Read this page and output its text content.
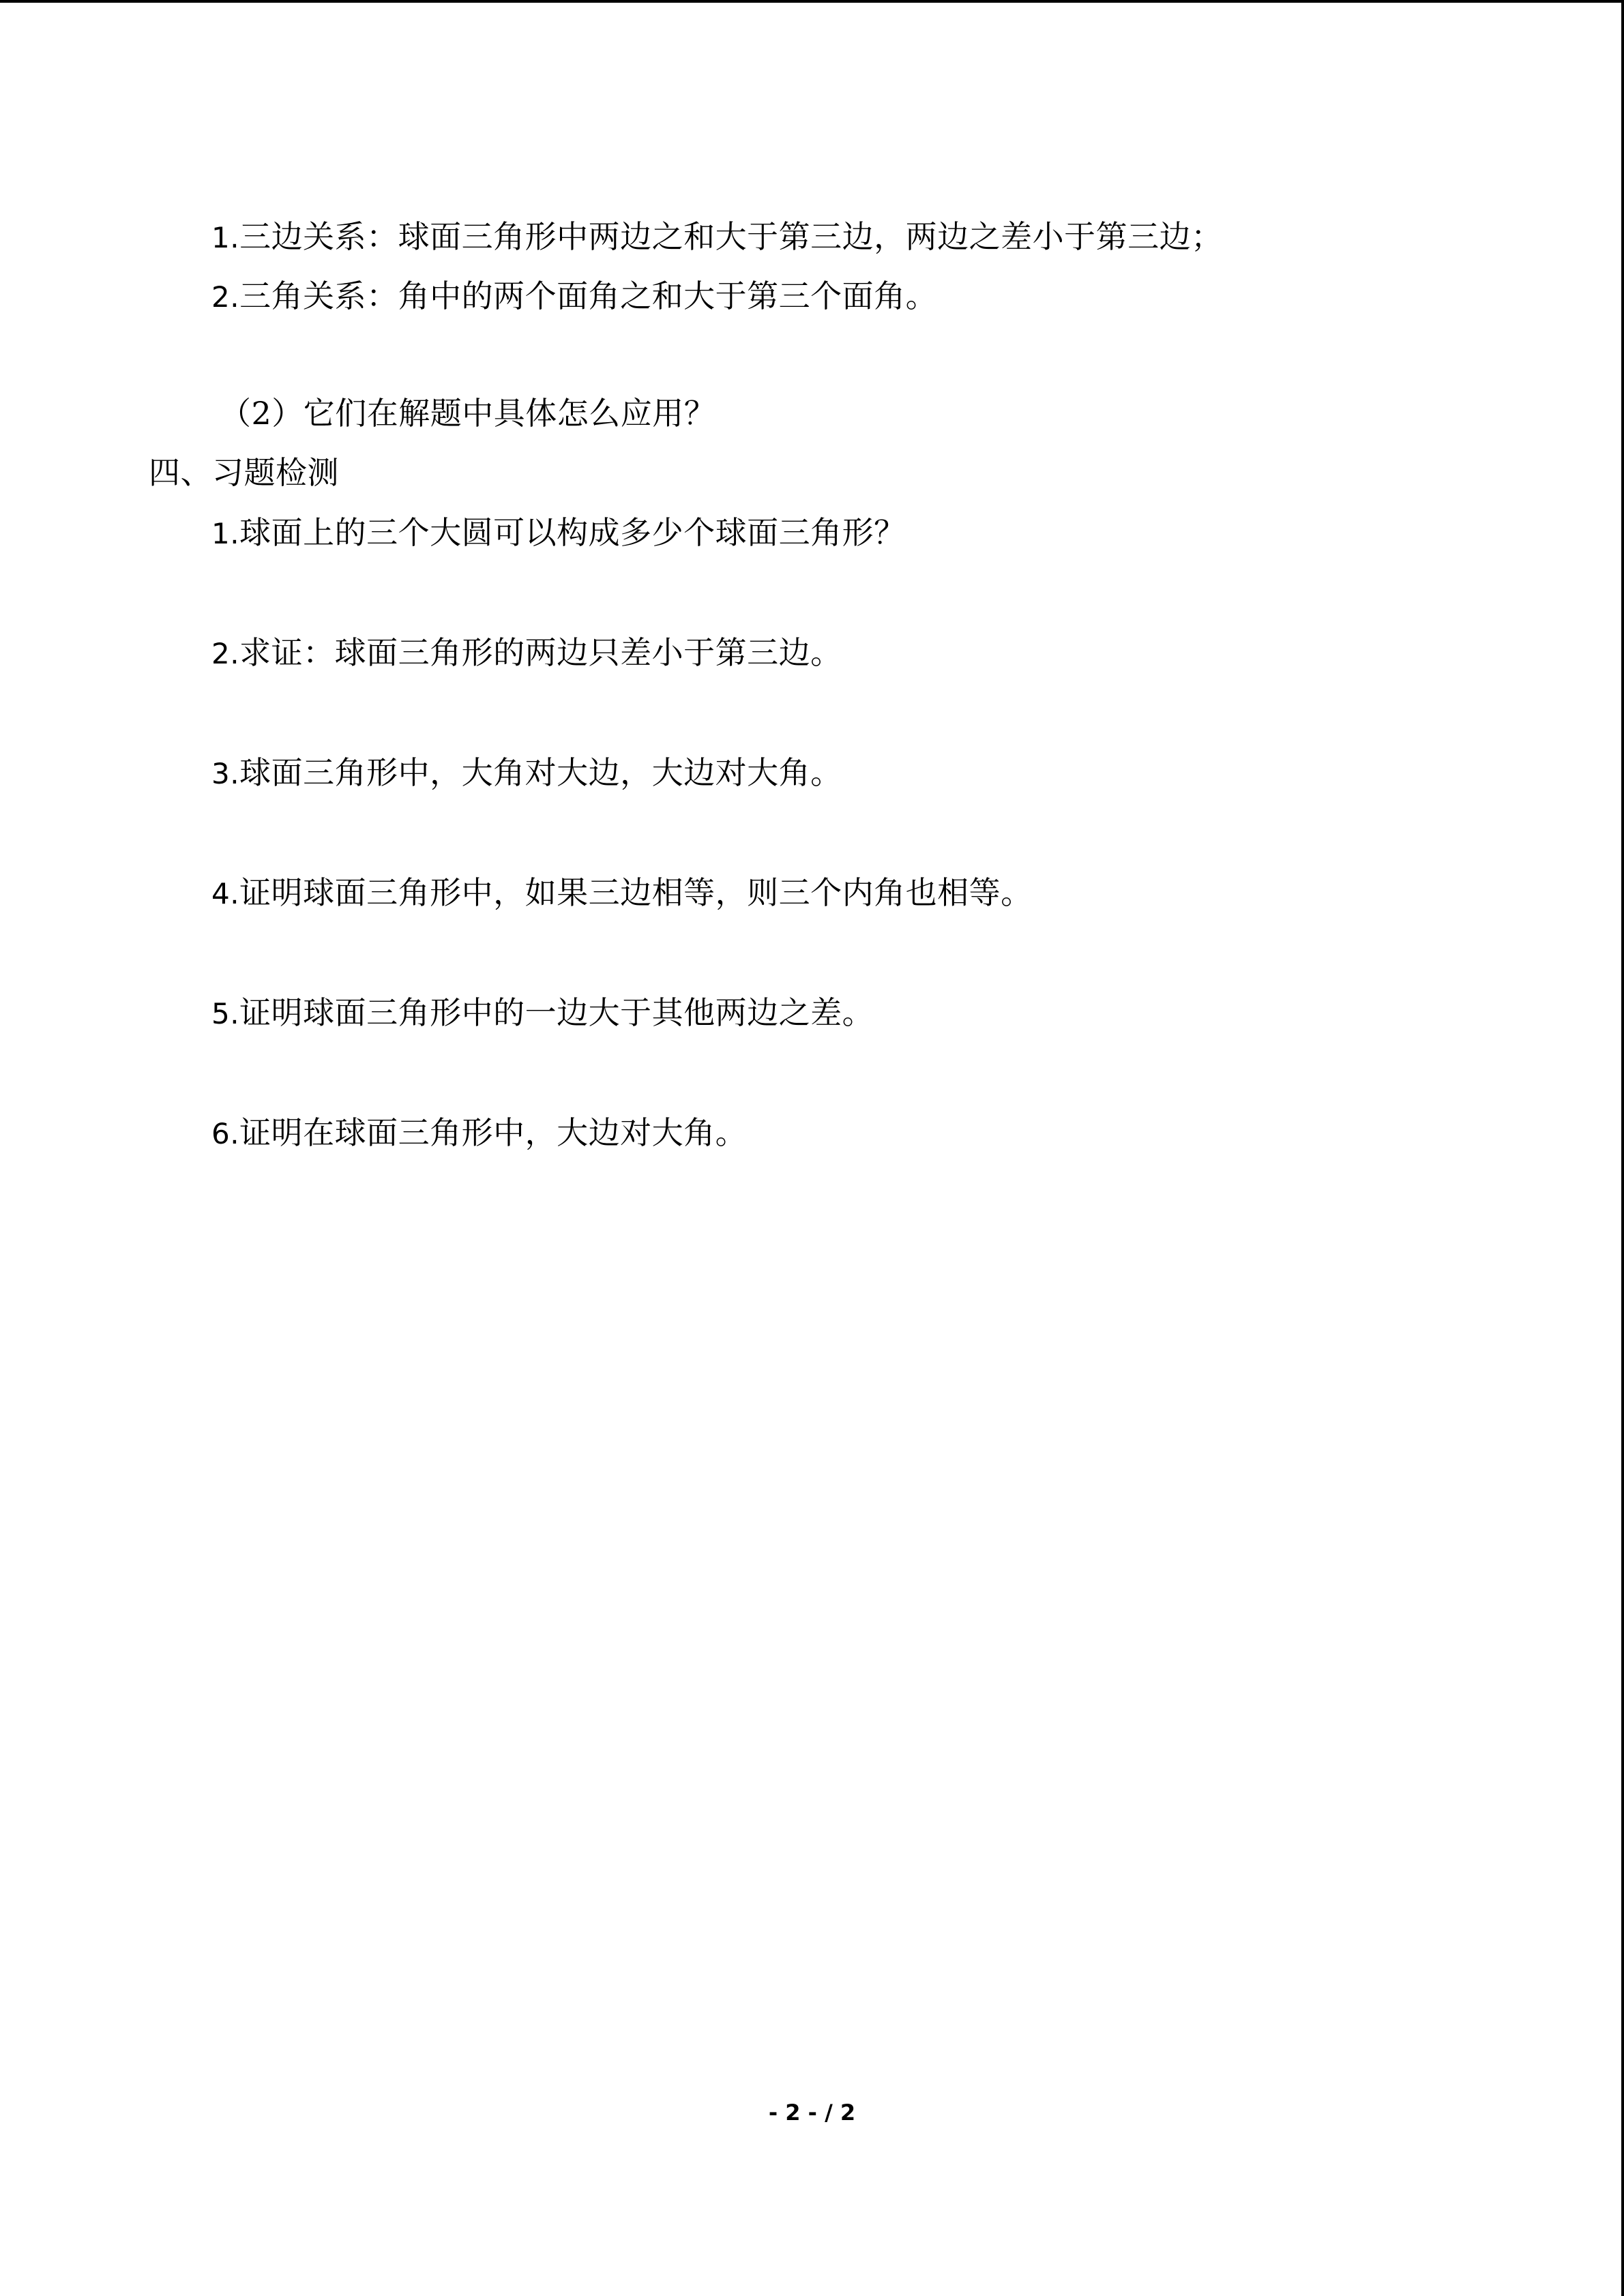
1.三边关系：球面三角形中两边之和大于第三边，两边之差小于第三边；
2.三角关系：角中的两个面角之和大于第三个面角。
（2）它们在解题中具体怎么应用？
四、习题检测
1.球面上的三个大圆可以构成多少个球面三角形？
2.求证：球面三角形的两边只差小于第三边。
3.球面三角形中，大角对大边，大边对大角。
4.证明球面三角形中，如果三边相等，则三个内角也相等。
5.证明球面三角形中的一边大于其他两边之差。
6.证明在球面三角形中，大边对大角。
- 2 - / 2
